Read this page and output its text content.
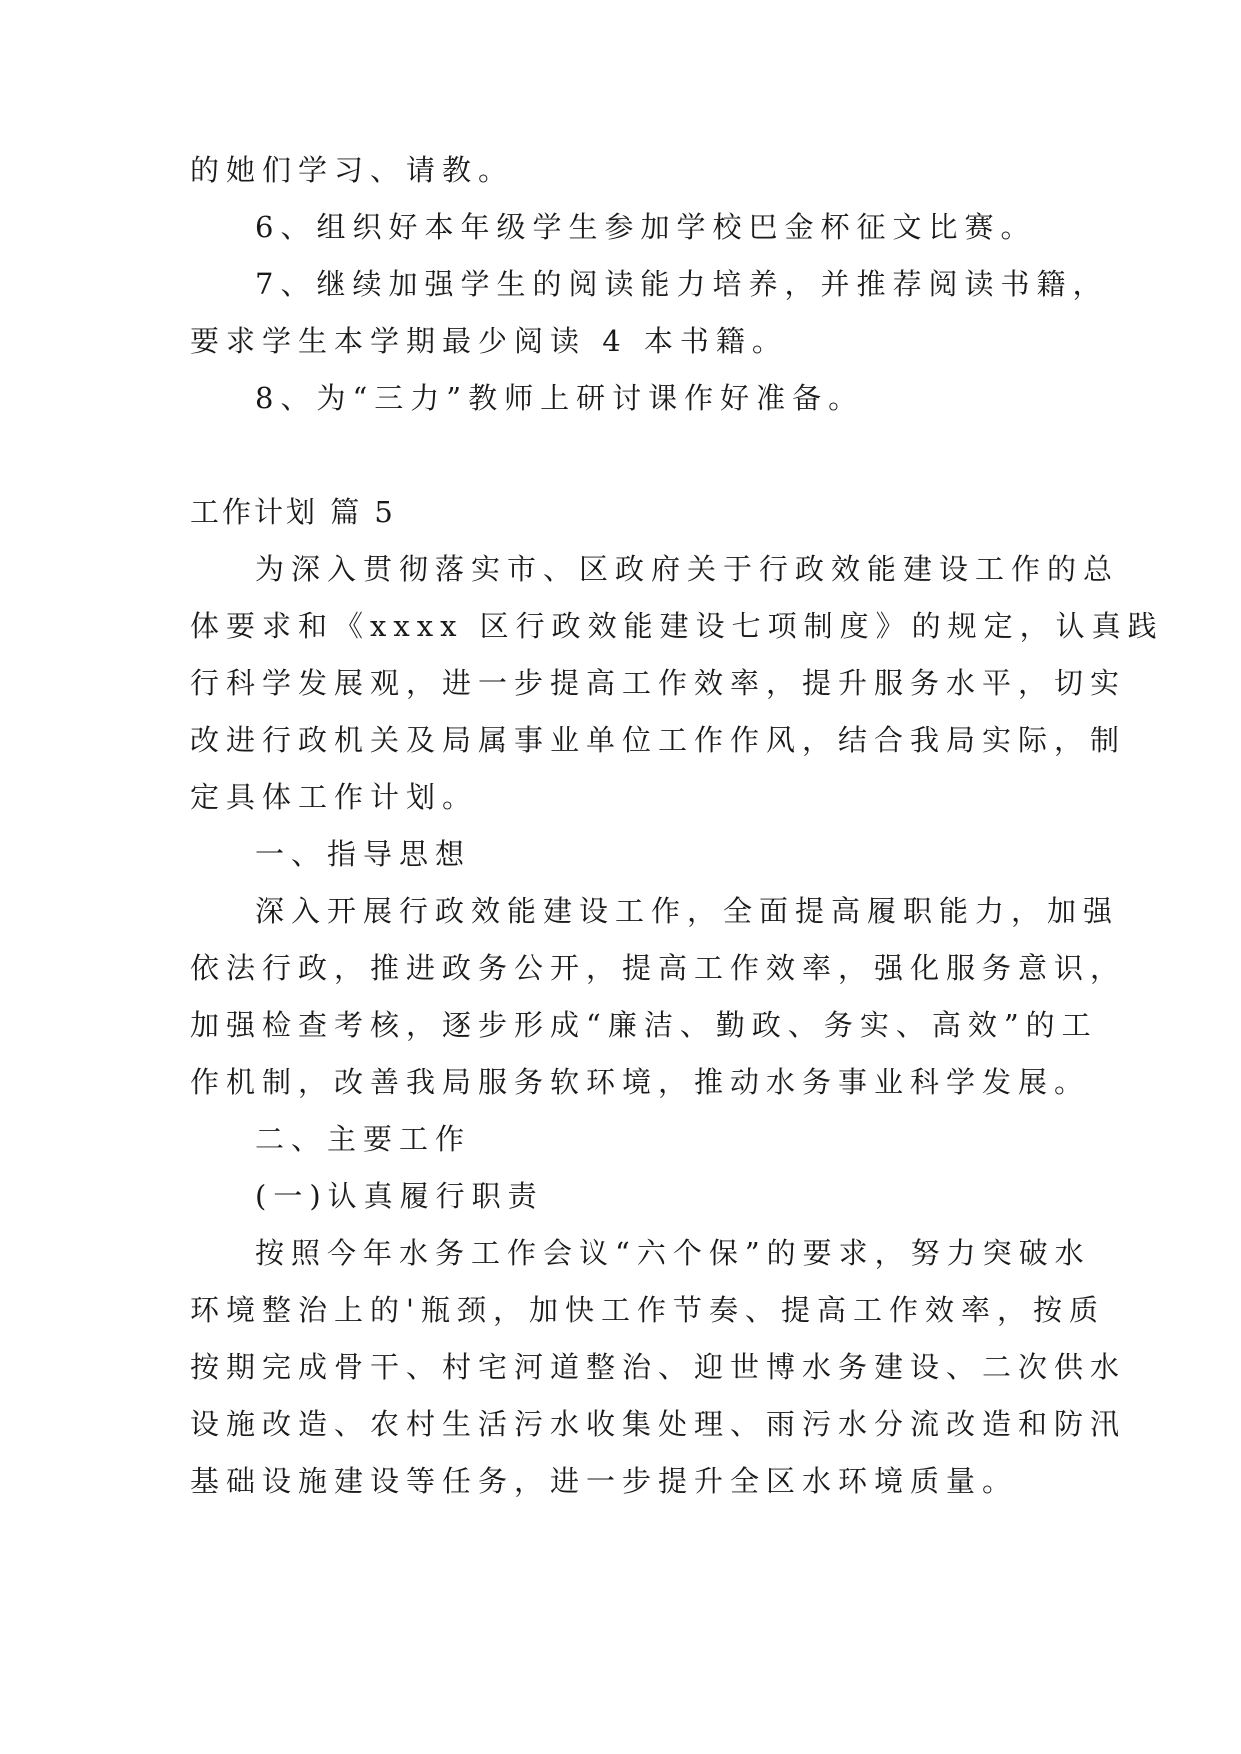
的她们学习、请教。
6、组织好本年级学生参加学校巴金杯征文比赛。
7、继续加强学生的阅读能力培养，并推荐阅读书籍，
要求学生本学期最少阅读 4 本书籍。
8、为“三力”教师上研讨课作好准备。
工作计划 篇 5
为深入贯彻落实市、区政府关于行政效能建设工作的总
体要求和《xxxx 区行政效能建设七项制度》的规定，认真践
行科学发展观，进一步提高工作效率，提升服务水平，切实
改进行政机关及局属事业单位工作作风，结合我局实际，制
定具体工作计划。
一、指导思想
深入开展行政效能建设工作，全面提高履职能力，加强
依法行政，推进政务公开，提高工作效率，强化服务意识，
加强检查考核，逐步形成“廉洁、勤政、务实、高效”的工
作机制，改善我局服务软环境，推动水务事业科学发展。
二、主要工作
(一)认真履行职责
按照今年水务工作会议“六个保”的要求，努力突破水
环境整治上的'瓶颈，加快工作节奏、提高工作效率，按质
按期完成骨干、村宅河道整治、迎世博水务建设、二次供水
设施改造、农村生活污水收集处理、雨污水分流改造和防汛
基础设施建设等任务，进一步提升全区水环境质量。
